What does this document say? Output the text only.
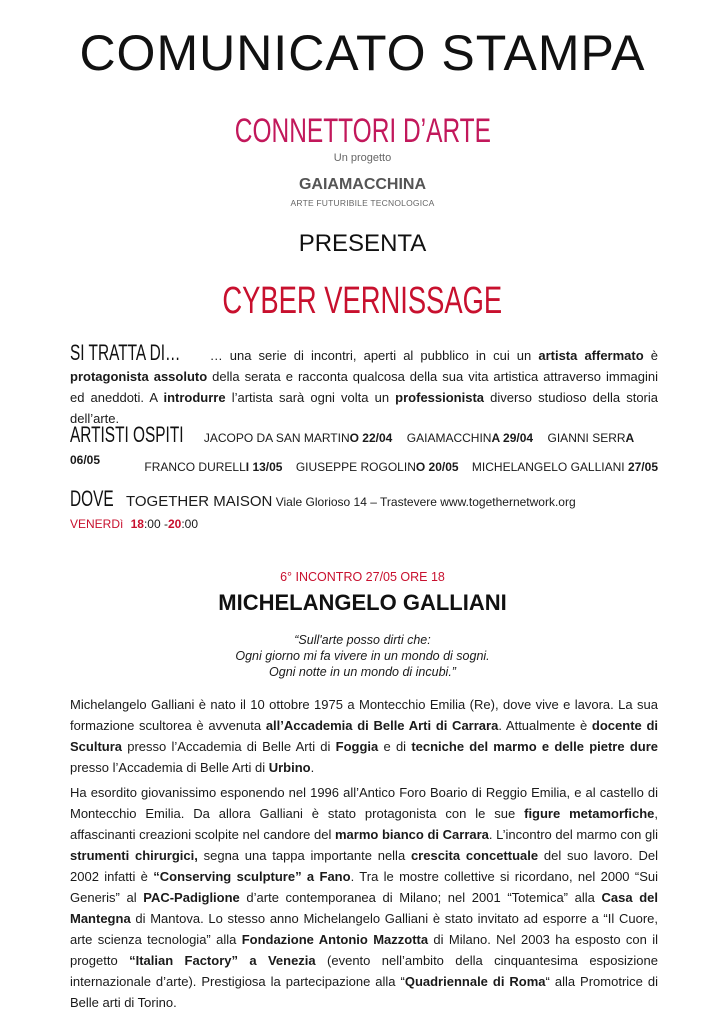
COMUNICATO STAMPA
CONNETTORI D’ARTE
Un progetto
GAIAMACCHINA
ARTE FUTURIBILE TECNOLOGICA
PRESENTA
CYBER VERNISSAGE
SI TRATTA DI… … una serie di incontri, aperti al pubblico in cui un artista affermato è protagonista assoluto della serata e racconta qualcosa della sua vita artistica attraverso immagini ed aneddoti. A introdurre l’artista sarà ogni volta un professionista diverso studioso della storia dell’arte.
ARTISTI OSPITI JACOPO DA SAN MARTINO 22/04 GAIAMACCHINA 29/04 GIANNI SERRA 06/05	FRANCO DURELLI 13/05 GIUSEPPE ROGOLINO 20/05 MICHELANGELO GALLIANI 27/05
DOVE TOGETHER MAISON Viale Glorioso 14 – Trastevere www.togethernetwork.org VENERDì 18:00 -20:00
6° INCONTRO 27/05 ORE 18
MICHELANGELO GALLIANI
“Sull'arte posso dirti che:
Ogni giorno mi fa vivere in un mondo di sogni.
Ogni notte in un mondo di incubi.”
Michelangelo Galliani è nato il 10 ottobre 1975 a Montecchio Emilia (Re), dove vive e lavora. La sua formazione scultorea è avvenuta all’Accademia di Belle Arti di Carrara. Attualmente è docente di Scultura presso l’Accademia di Belle Arti di Foggia e di tecniche del marmo e delle pietre dure presso l’Accademia di Belle Arti di Urbino.
Ha esordito giovanissimo esponendo nel 1996 all’Antico Foro Boario di Reggio Emilia, e al castello di Montecchio Emilia. Da allora Galliani è stato protagonista con le sue figure metamorfiche, affascinanti creazioni scolpite nel candore del marmo bianco di Carrara. L’incontro del marmo con gli strumenti chirurgici, segna una tappa importante nella crescita concettuale del suo lavoro. Del 2002 infatti è “Conserving sculpture” a Fano. Tra le mostre collettive si ricordano, nel 2000 “Sui Generis” al PAC-Padiglione d’arte contemporanea di Milano; nel 2001 “Totemica” alla Casa del Mantegna di Mantova. Lo stesso anno Michelangelo Galliani è stato invitato ad esporre a “Il Cuore, arte scienza tecnologia” alla Fondazione Antonio Mazzotta di Milano. Nel 2003 ha esposto con il progetto “Italian Factory” a Venezia (evento nell’ambito della cinquantesima esposizione internazionale d’arte). Prestigiosa la partecipazione alla “Quadriennale di Roma“ alla Promotrice di Belle arti di Torino.
